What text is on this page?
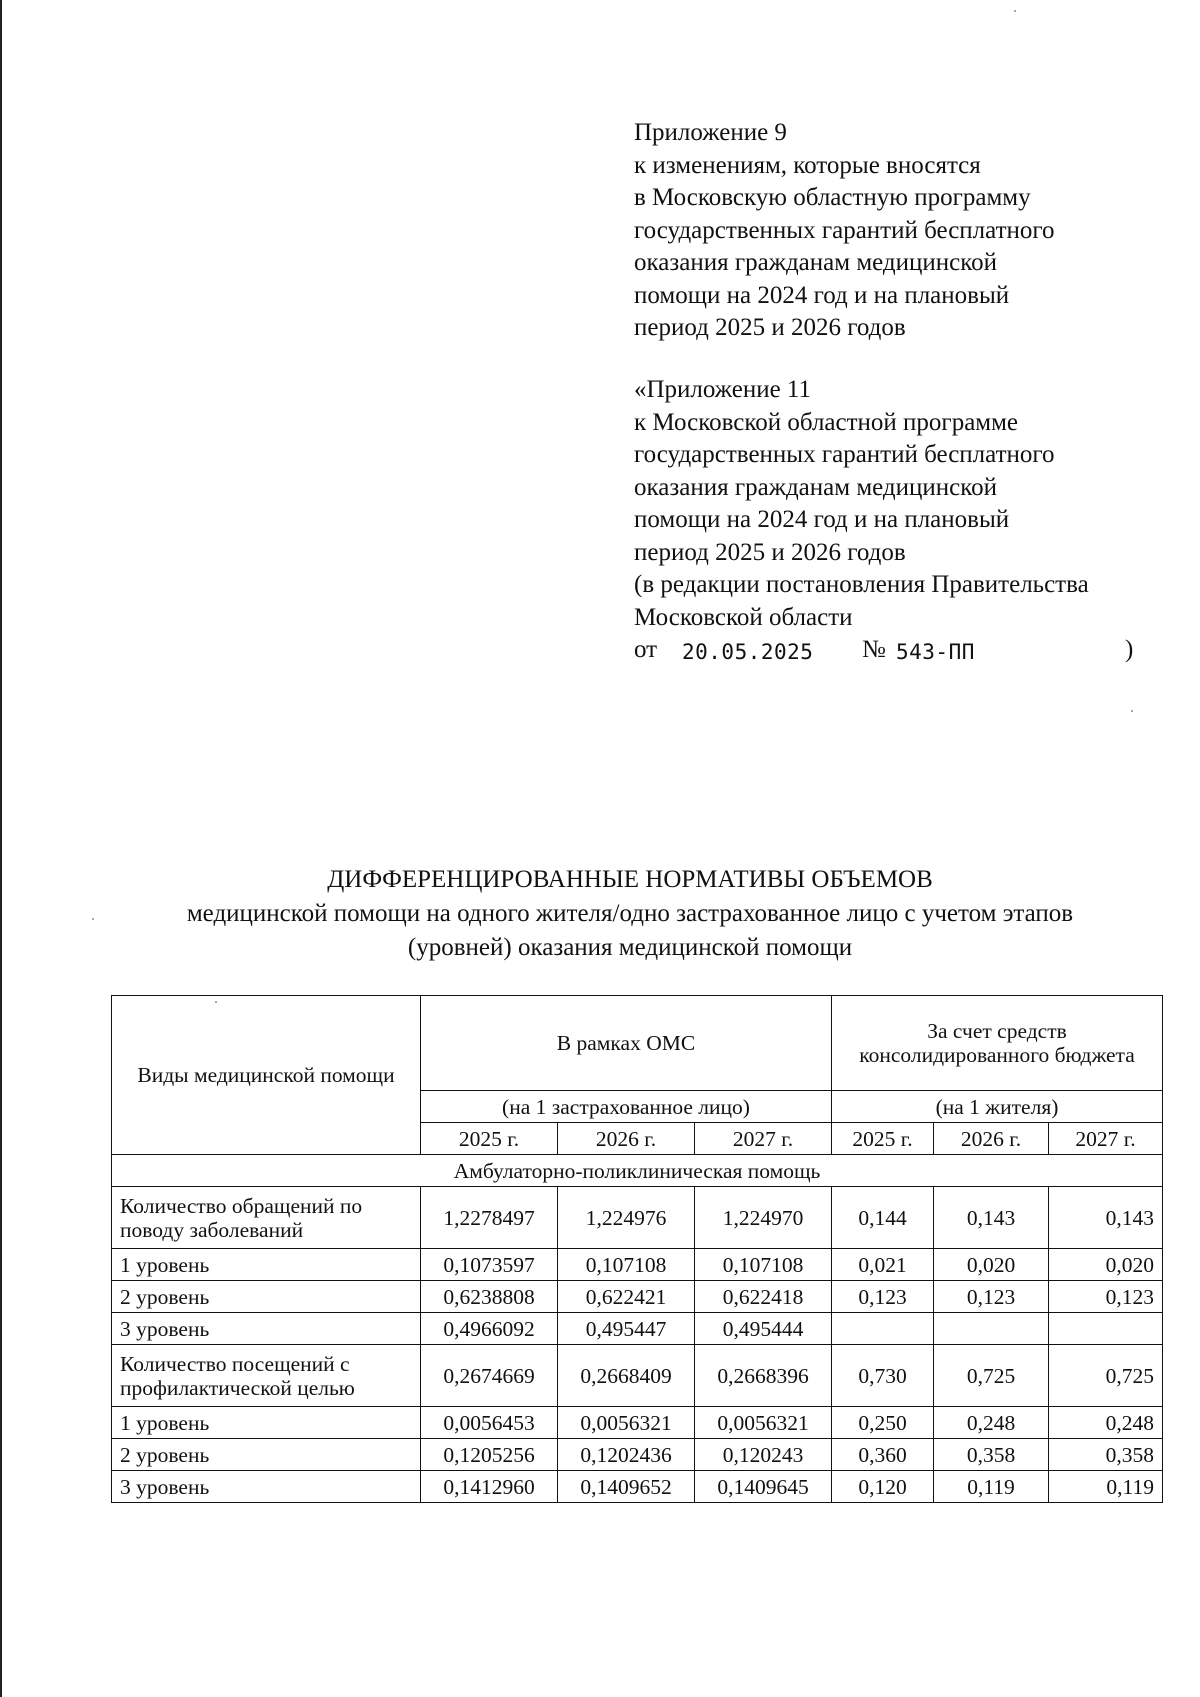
Приложение 9
к изменениям, которые вносятся
в Московскую областную программу
государственных гарантий бесплатного
оказания гражданам медицинской
помощи на 2024 год и на плановый
период 2025 и 2026 годов
«Приложение 11
к Московской областной программе
государственных гарантий бесплатного
оказания гражданам медицинской
помощи на 2024 год и на плановый
период 2025 и 2026 годов
(в редакции постановления Правительства
Московской области
от 20.05.2025 № 543-ПП	)
ДИФФЕРЕНЦИРОВАННЫЕ НОРМАТИВЫ ОБЪЕМОВ
медицинской помощи на одного жителя/одно застрахованное лицо с учетом этапов
(уровней) оказания медицинской помощи
Виды медицинской помощи	В рамках ОМС			За счет средств консолидированного бюджета		
	(на 1 застрахованное лицо)			(на 1 жителя)		
	2025 г.	2026 г.	2027 г.	2025 г.	2026 г.	2027 г.
Амбулаторно-поликлиническая помощь						
Количество обращений по поводу заболеваний	1,2278497	1,224976	1,224970	0,144	0,143	0,143
1 уровень	0,1073597	0,107108	0,107108	0,021	0,020	0,020
2 уровень	0,6238808	0,622421	0,622418	0,123	0,123	0,123
3 уровень	0,4966092	0,495447	0,495444			
Количество посещений с профилактической целью	0,2674669	0,2668409	0,2668396	0,730	0,725	0,725
1 уровень	0,0056453	0,0056321	0,0056321	0,250	0,248	0,248
2 уровень	0,1205256	0,1202436	0,120243	0,360	0,358	0,358
3 уровень	0,1412960	0,1409652	0,1409645	0,120	0,119	0,119
